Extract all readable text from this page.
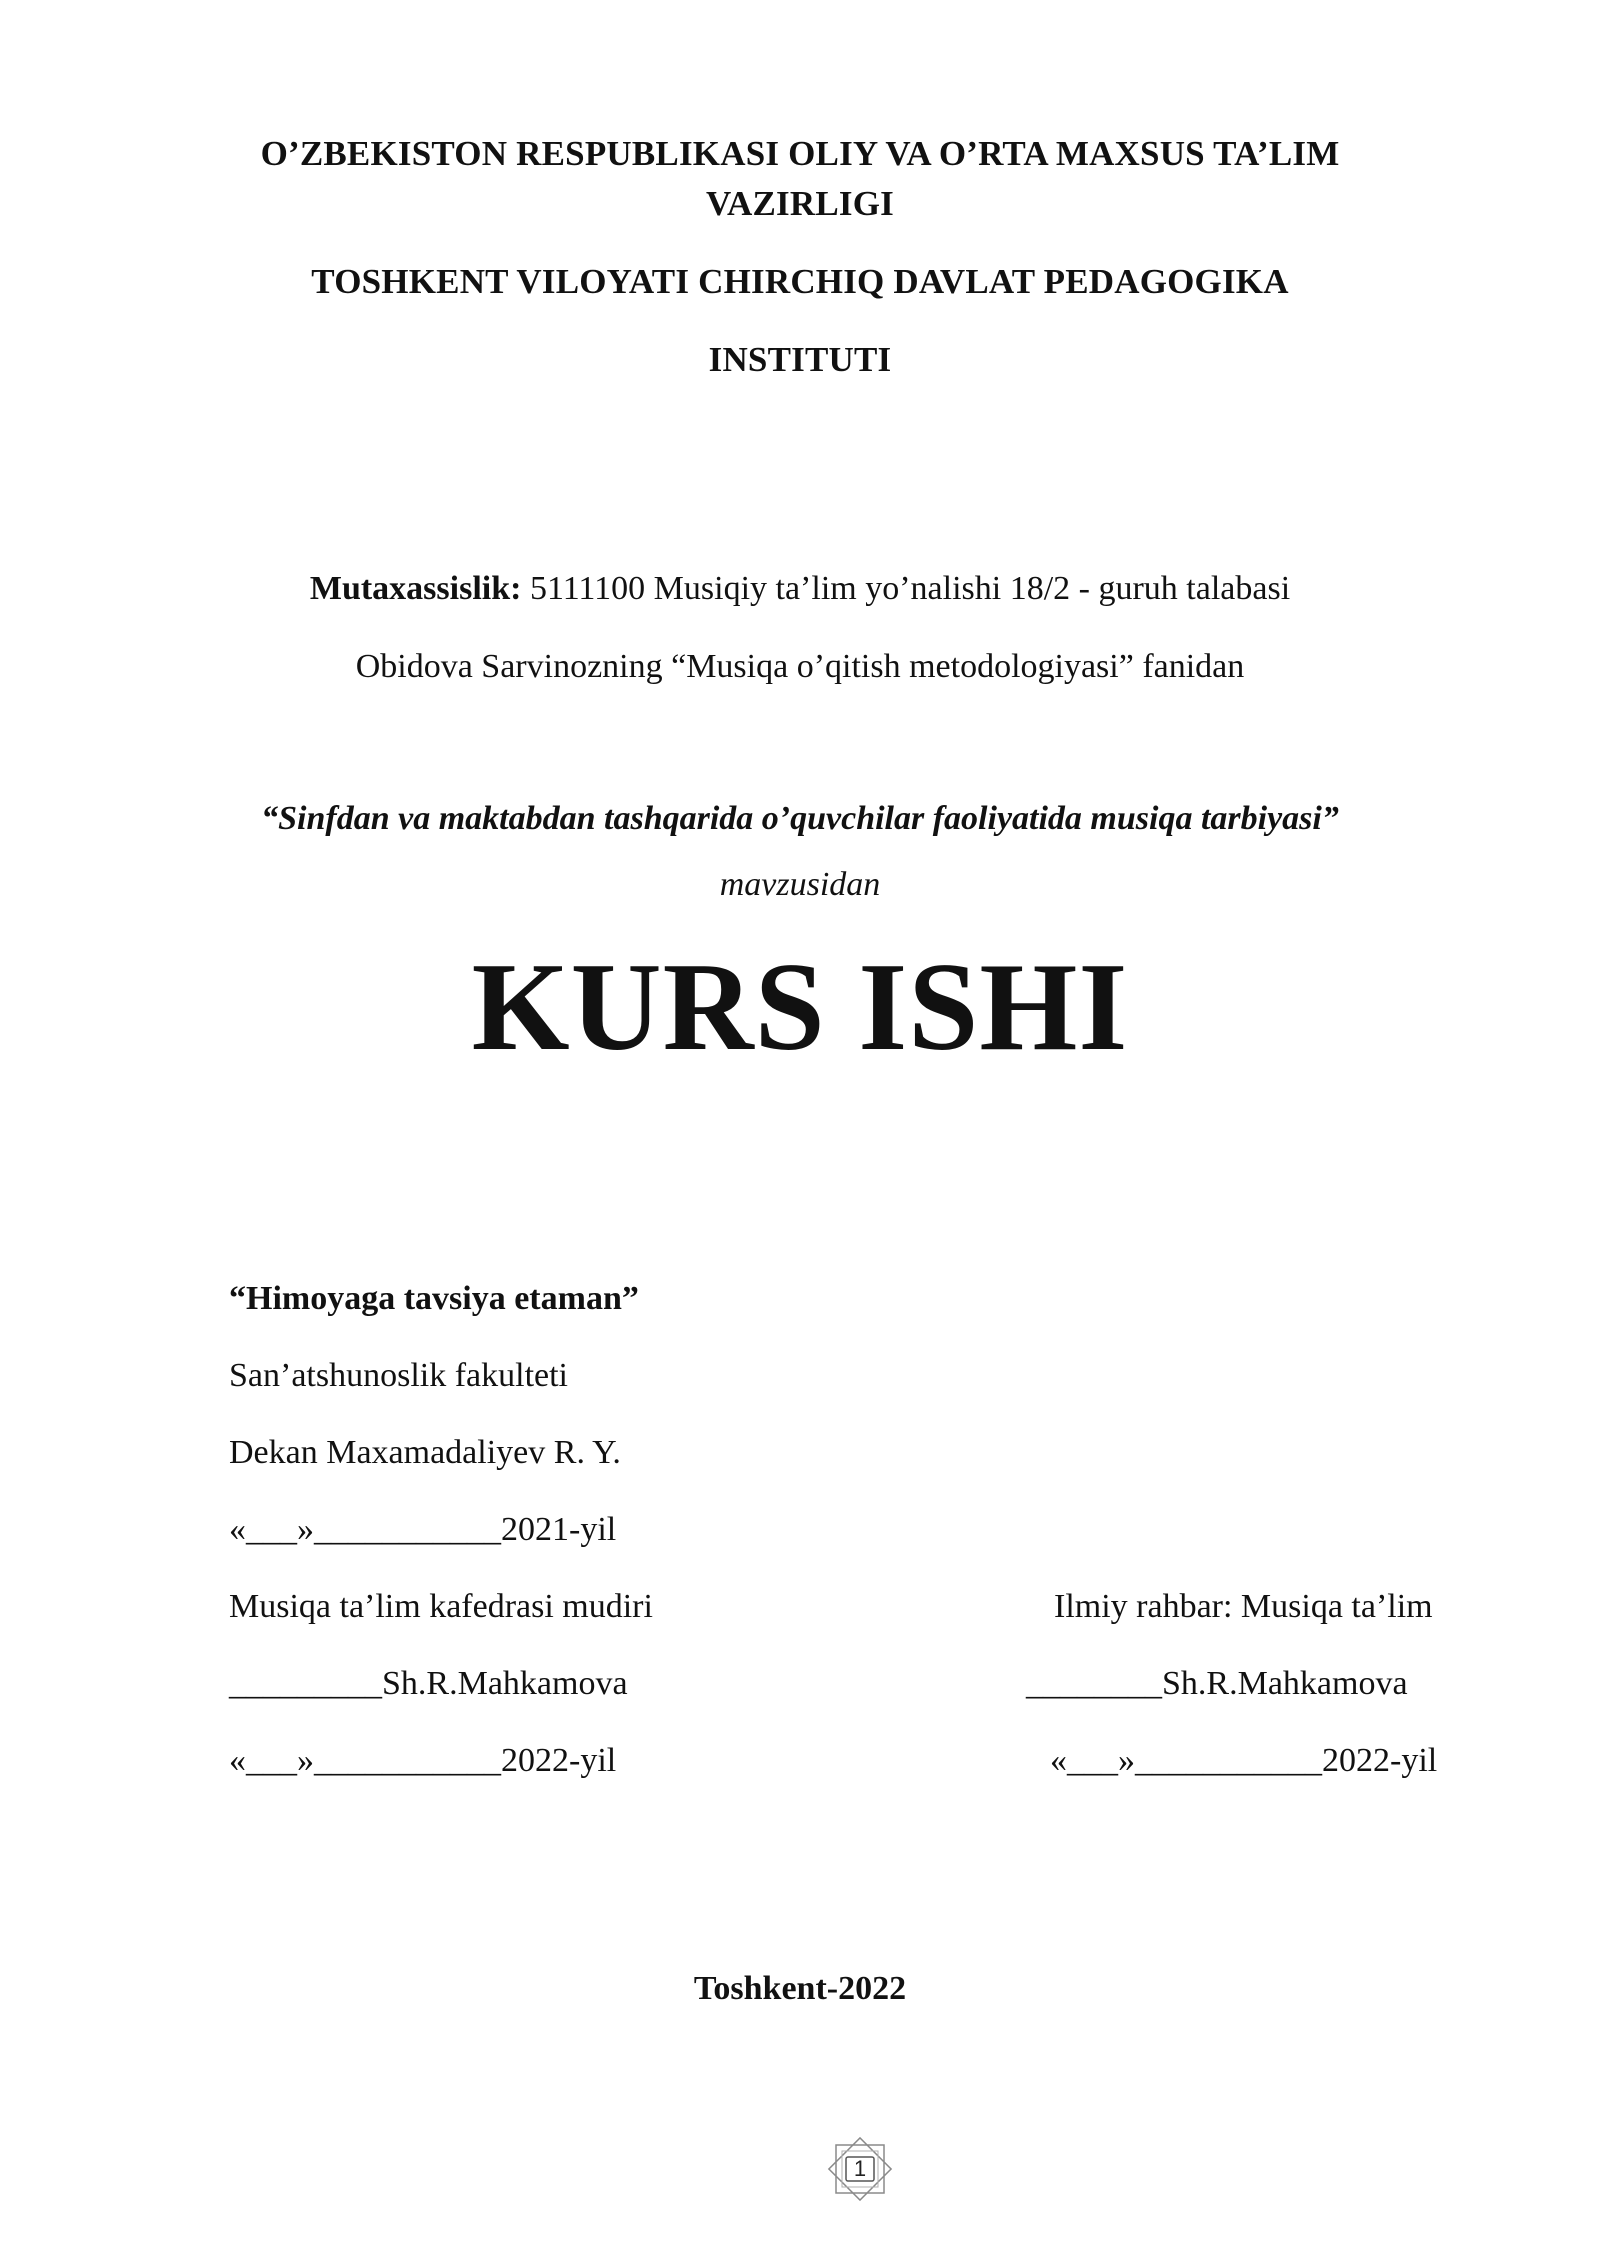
O’ZBEKISTON RESPUBLIKASI OLIY VA O’RTA MAXSUS TA’LIM
VAZIRLIGI
TOSHKENT VILOYATI CHIRCHIQ DAVLAT PEDAGOGIKA
INSTITUTI
Mutaxassislik: 5111100 Musiqiy ta’lim yo’nalishi 18/2 - guruh talabasi
Obidova Sarvinozning “Musiqa o’qitish metodologiyasi” fanidan
“Sinfdan va maktabdan tashqarida o’quvchilar faoliyatida musiqa tarbiyasi”
mavzusidan
KURS ISHI
“Himoyaga tavsiya etaman”
San’atshunoslik fakulteti
Dekan Maxamadaliyev R. Y.
«___»___________2021-yil
Musiqa ta’lim kafedrasi mudiri
_________Sh.R.Mahkamova
«___»___________2022-yil
Ilmiy rahbar: Musiqa ta’lim
________Sh.R.Mahkamova
«___»___________2022-yil
Toshkent-2022
1
